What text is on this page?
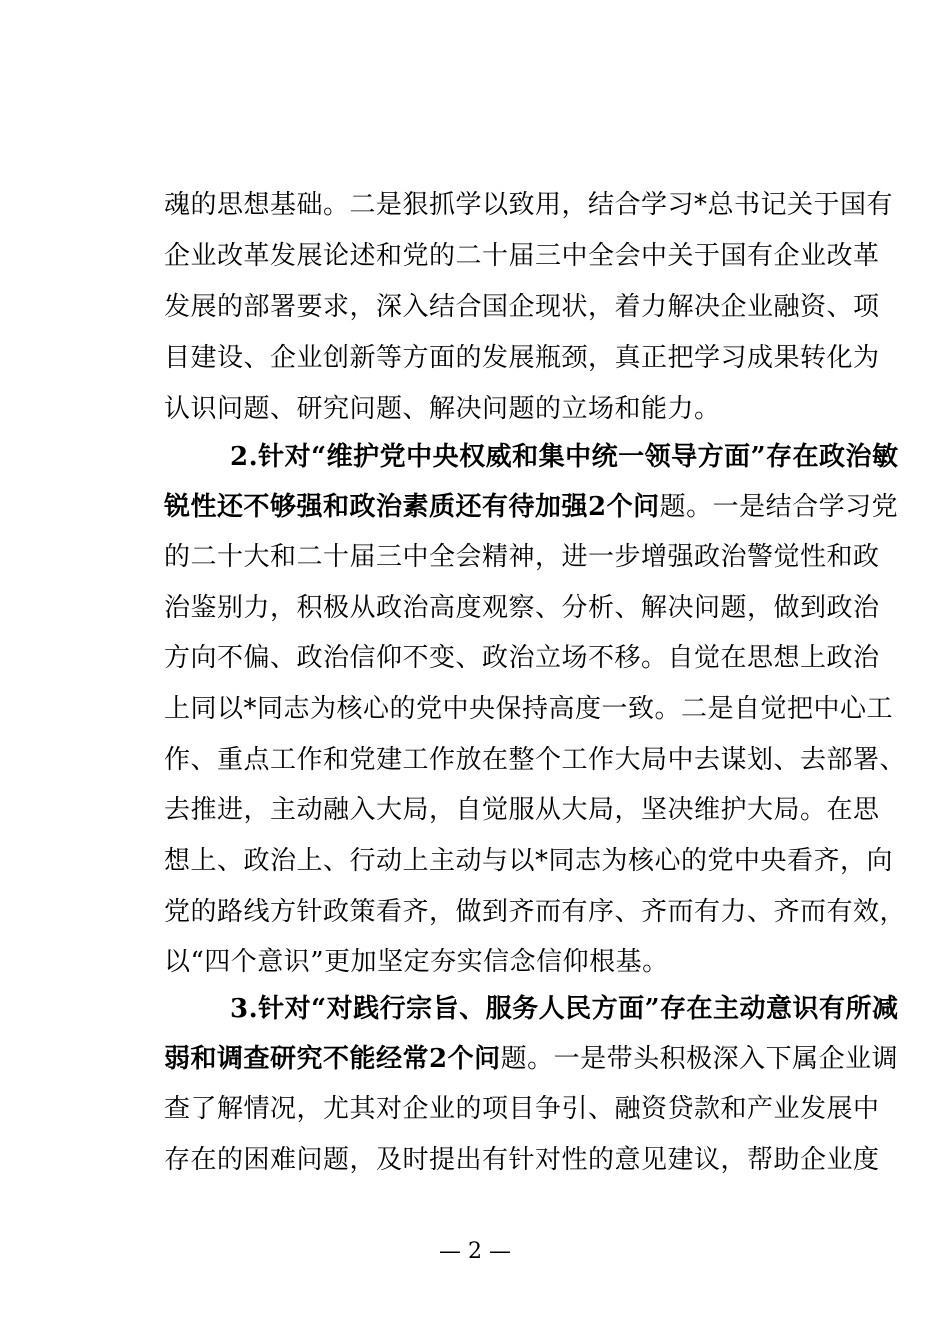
魂的思想基础。二是狠抓学以致用，结合学习*总书记关于国有
企业改革发展论述和党的二十届三中全会中关于国有企业改革
发展的部署要求，深入结合国企现状，着力解决企业融资、项
目建设、企业创新等方面的发展瓶颈，真正把学习成果转化为
认识问题、研究问题、解决问题的立场和能力。
2.针对“维护党中央权威和集中统一领导方面”存在政治敏
锐性还不够强和政治素质还有待加强2个问题。一是结合学习党
的二十大和二十届三中全会精神，进一步增强政治警觉性和政
治鉴别力，积极从政治高度观察、分析、解决问题，做到政治
方向不偏、政治信仰不变、政治立场不移。自觉在思想上政治
上同以*同志为核心的党中央保持高度一致。二是自觉把中心工
作、重点工作和党建工作放在整个工作大局中去谋划、去部署、
去推进，主动融入大局，自觉服从大局，坚决维护大局。在思
想上、政治上、行动上主动与以*同志为核心的党中央看齐，向
党的路线方针政策看齐，做到齐而有序、齐而有力、齐而有效，
以“四个意识”更加坚定夯实信念信仰根基。
3.针对“对践行宗旨、服务人民方面”存在主动意识有所减
弱和调查研究不能经常2个问题。一是带头积极深入下属企业调
查了解情况，尤其对企业的项目争引、融资贷款和产业发展中
存在的困难问题，及时提出有针对性的意见建议，帮助企业度
— 2 —
